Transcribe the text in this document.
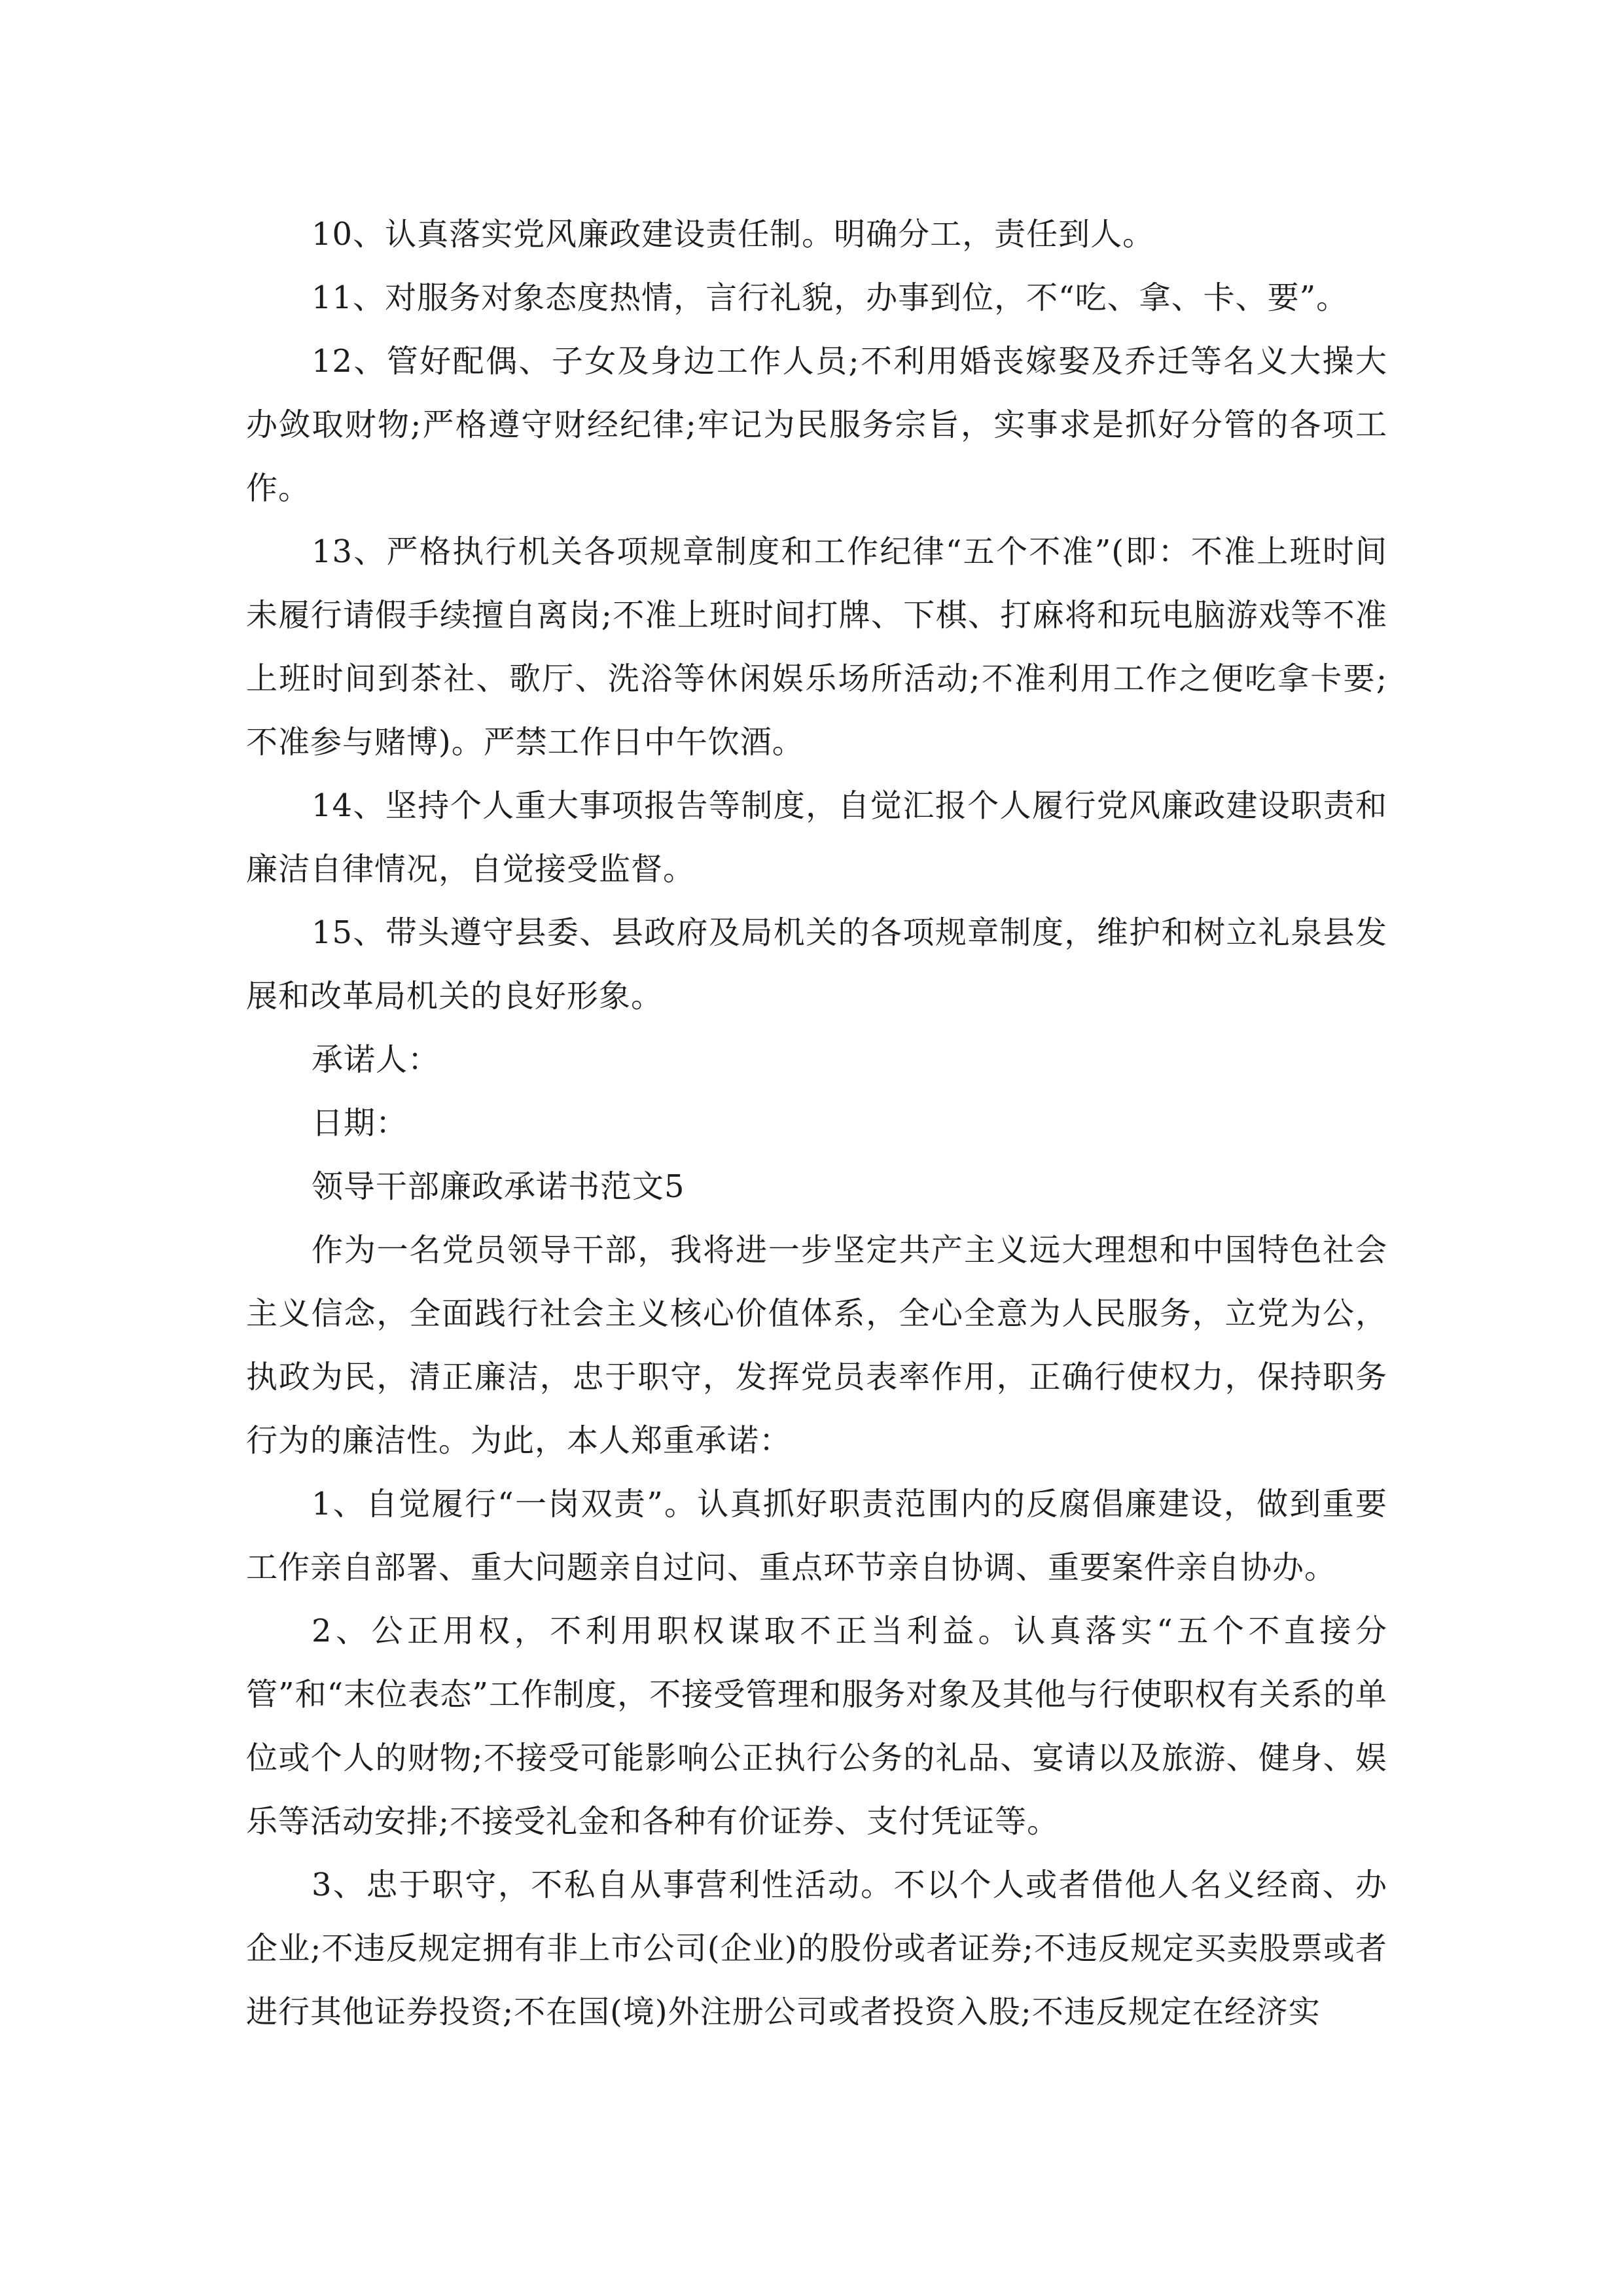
10、认真落实党风廉政建设责任制。明确分工，责任到人。

11、对服务对象态度热情，言行礼貌，办事到位，不“吃、拿、卡、要”。

12、管好配偶、子女及身边工作人员;不利用婚丧嫁娶及乔迁等名义大操大办敛取财物;严格遵守财经纪律;牢记为民服务宗旨，实事求是抓好分管的各项工作。

13、严格执行机关各项规章制度和工作纪律“五个不准”(即：不准上班时间未履行请假手续擅自离岗;不准上班时间打牌、下棋、打麻将和玩电脑游戏等不准上班时间到茶社、歌厅、洗浴等休闲娱乐场所活动;不准利用工作之便吃拿卡要;不准参与赌博)。严禁工作日中午饮酒。

14、坚持个人重大事项报告等制度，自觉汇报个人履行党风廉政建设职责和廉洁自律情况，自觉接受监督。

15、带头遵守县委、县政府及局机关的各项规章制度，维护和树立礼泉县发展和改革局机关的良好形象。

承诺人：

日期：

领导干部廉政承诺书范文5

作为一名党员领导干部，我将进一步坚定共产主义远大理想和中国特色社会主义信念，全面践行社会主义核心价值体系，全心全意为人民服务，立党为公，执政为民，清正廉洁，忠于职守，发挥党员表率作用，正确行使权力，保持职务行为的廉洁性。为此，本人郑重承诺：

1、自觉履行“一岗双责”。认真抓好职责范围内的反腐倡廉建设，做到重要工作亲自部署、重大问题亲自过问、重点环节亲自协调、重要案件亲自协办。

2、公正用权，不利用职权谋取不正当利益。认真落实“五个不直接分管”和“末位表态”工作制度，不接受管理和服务对象及其他与行使职权有关系的单位或个人的财物;不接受可能影响公正执行公务的礼品、宴请以及旅游、健身、娱乐等活动安排;不接受礼金和各种有价证券、支付凭证等。

3、忠于职守，不私自从事营利性活动。不以个人或者借他人名义经商、办企业;不违反规定拥有非上市公司(企业)的股份或者证券;不违反规定买卖股票或者进行其他证券投资;不在国(境)外注册公司或者投资入股;不违反规定在经济实
